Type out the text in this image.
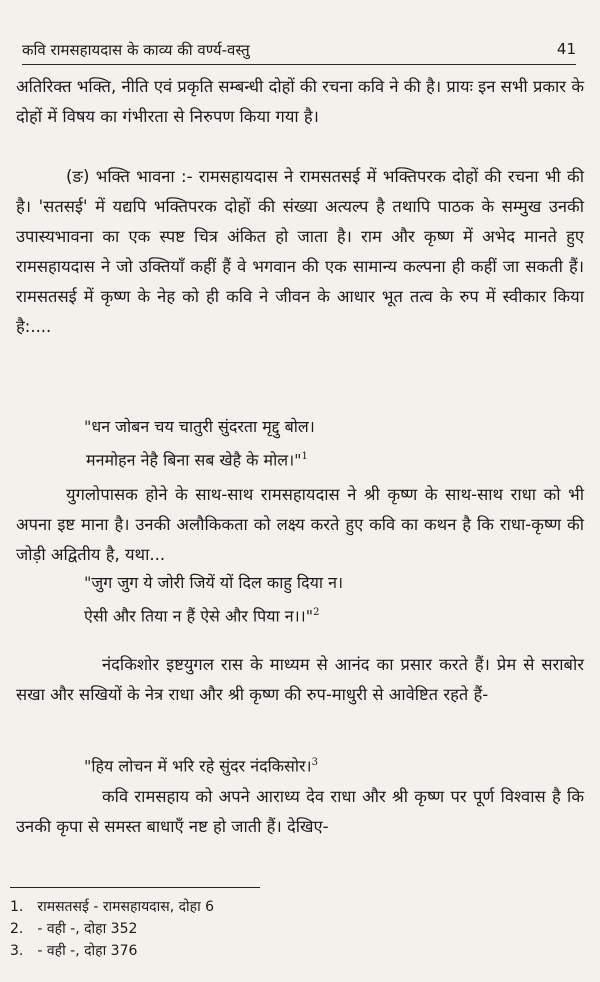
कवि रामसहायदास के काव्य की वर्ण्य-वस्तु	41
अतिरिक्त भक्ति, नीति एवं प्रकृति सम्बन्धी दोहों की रचना कवि ने की है। प्रायः इन सभी प्रकार के दोहों में विषय का गंभीरता से निरुपण किया गया है।
(ङ) भक्ति भावना :- रामसहायदास ने रामसतसई में भक्तिपरक दोहों की रचना भी की है। 'सतसई' में यद्यपि भक्तिपरक दोहों की संख्या अत्यल्प है तथापि पाठक के सम्मुख उनकी उपास्यभावना का एक स्पष्ट चित्र अंकित हो जाता है। राम और कृष्ण में अभेद मानते हुए रामसहायदास ने जो उक्तियाँ कहीं हैं वे भगवान की एक सामान्य कल्पना ही कहीं जा सकती हैं। रामसतसई में कृष्ण के नेह को ही कवि ने जीवन के आधार भूत तत्व के रुप में स्वीकार किया है:....
"धन जोबन चय चातुरी सुंदरता मृद्दु बोल।
मनमोहन नेहै बिना सब खेहै के मोल।"$^1$
युगलोपासक होने के साथ-साथ रामसहायदास ने श्री कृष्ण के साथ-साथ राधा को भी अपना इष्ट माना है। उनकी अलौकिकता को लक्ष्य करते हुए कवि का कथन है कि राधा-कृष्ण की जोड़ी अद्वितीय है, यथा...
"जुग जुग ये जोरी जियें यों दिल काहु दिया न।
ऐसी और तिया न हैं ऐसे और पिया न।।"$^2$
नंदकिशोर इष्टयुगल रास के माध्यम से आनंद का प्रसार करते हैं। प्रेम से सराबोर सखा और सखियों के नेत्र राधा और श्री कृष्ण की रुप-माधुरी से आवेष्टित रहते हैं-
"हिय लोचन में भरि रहे सुंदर नंदकिसोर।$^3$
कवि रामसहाय को अपने आराध्य देव राधा और श्री कृष्ण पर पूर्ण विश्वास है कि उनकी कृपा से समस्त बाधाएँ नष्ट हो जाती हैं। देखिए-
1. रामसतसई - रामसहायदास, दोहा 6
2. - वही -, दोहा 352
3. - वही -, दोहा 376
